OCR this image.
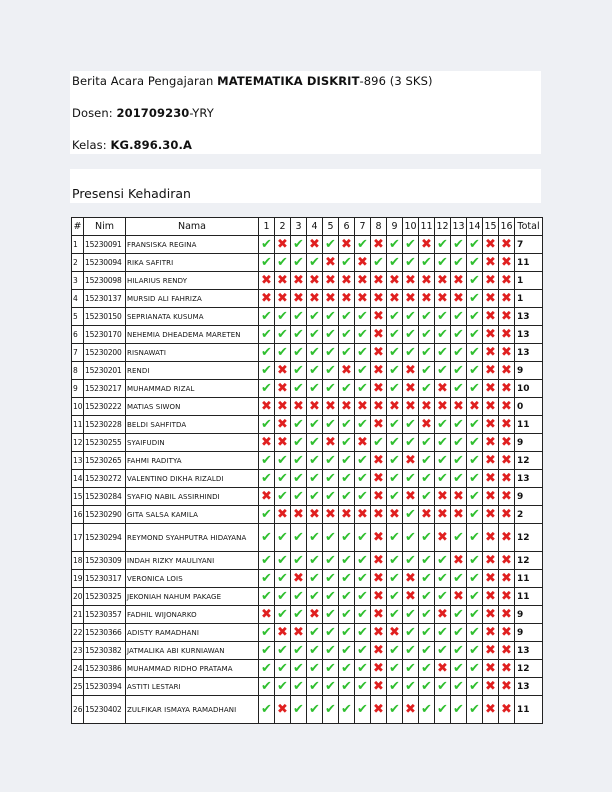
Berita Acara Pengajaran MATEMATIKA DISKRIT-896 (3 SKS)
Dosen: 201709230-YRY
Kelas: KG.896.30.A
Presensi Kehadiran
#	Nim	Nama	1	2	3	4	5	6	7	8	9	10	11	12	13	14	15	16	Total
1	15230091	FRANSISKA REGINA	✔	✖	✔	✖	✔	✖	✔	✖	✔	✔	✖	✔	✔	✔	✖	✖	7
2	15230094	RIKA SAFITRI	✔	✔	✔	✔	✖	✔	✖	✔	✔	✔	✔	✔	✔	✔	✖	✖	11
3	15230098	HILARIUS RENDY	✖	✖	✖	✖	✖	✖	✖	✖	✖	✖	✖	✖	✖	✔	✖	✖	1
4	15230137	MURSID ALI FAHRIZA	✖	✖	✖	✖	✖	✖	✖	✖	✖	✖	✖	✖	✖	✔	✖	✖	1
5	15230150	SEPRIANATA KUSUMA	✔	✔	✔	✔	✔	✔	✔	✖	✔	✔	✔	✔	✔	✔	✖	✖	13
6	15230170	NEHEMIA DHEADEMA MARETEN	✔	✔	✔	✔	✔	✔	✔	✖	✔	✔	✔	✔	✔	✔	✖	✖	13
7	15230200	RISNAWATI	✔	✔	✔	✔	✔	✔	✔	✖	✔	✔	✔	✔	✔	✔	✖	✖	13
8	15230201	RENDI	✔	✖	✔	✔	✔	✖	✔	✖	✔	✖	✔	✔	✔	✔	✖	✖	9
9	15230217	MUHAMMAD RIZAL	✔	✖	✔	✔	✔	✔	✔	✖	✔	✖	✔	✖	✔	✔	✖	✖	10
10	15230222	MATIAS SIWON	✖	✖	✖	✖	✖	✖	✖	✖	✖	✖	✖	✖	✖	✖	✖	✖	0
11	15230228	BELDI SAHFITDA	✔	✖	✔	✔	✔	✔	✔	✖	✔	✔	✖	✔	✔	✔	✖	✖	11
12	15230255	SYAIFUDIN	✖	✖	✔	✔	✖	✔	✖	✔	✔	✔	✔	✔	✔	✔	✖	✖	9
13	15230265	FAHMI RADITYA	✔	✔	✔	✔	✔	✔	✔	✖	✔	✖	✔	✔	✔	✔	✖	✖	12
14	15230272	VALENTINO DIKHA RIZALDI	✔	✔	✔	✔	✔	✔	✔	✖	✔	✔	✔	✔	✔	✔	✖	✖	13
15	15230284	SYAFIQ NABIL ASSIRHINDI	✖	✔	✔	✔	✔	✔	✔	✖	✔	✖	✔	✖	✖	✔	✖	✖	9
16	15230290	GITA SALSA KAMILA	✔	✖	✖	✖	✖	✖	✖	✖	✖	✔	✖	✖	✖	✔	✖	✖	2
17	15230294	REYMOND SYAHPUTRA HIDAYANA	✔	✔	✔	✔	✔	✔	✔	✖	✔	✔	✔	✖	✔	✔	✖	✖	12
18	15230309	INDAH RIZKY MAULIYANI	✔	✔	✔	✔	✔	✔	✔	✖	✔	✔	✔	✔	✖	✔	✖	✖	12
19	15230317	VERONICA LOIS	✔	✔	✖	✔	✔	✔	✔	✖	✔	✖	✔	✔	✔	✔	✖	✖	11
20	15230325	JEKONIAH NAHUM PAKAGE	✔	✔	✔	✔	✔	✔	✔	✖	✔	✖	✔	✔	✖	✔	✖	✖	11
21	15230357	FADHIL WIJONARKO	✖	✔	✔	✖	✔	✔	✔	✖	✔	✔	✔	✖	✔	✔	✖	✖	9
22	15230366	ADISTY RAMADHANI	✔	✖	✖	✔	✔	✔	✔	✖	✖	✔	✔	✔	✔	✔	✖	✖	9
23	15230382	JATMALIKA ABI KURNIAWAN	✔	✔	✔	✔	✔	✔	✔	✖	✔	✔	✔	✔	✔	✔	✖	✖	13
24	15230386	MUHAMMAD RIDHO PRATAMA	✔	✔	✔	✔	✔	✔	✔	✖	✔	✔	✔	✖	✔	✔	✖	✖	12
25	15230394	ASTITI LESTARI	✔	✔	✔	✔	✔	✔	✔	✖	✔	✔	✔	✔	✔	✔	✖	✖	13
26	15230402	ZULFIKAR ISMAYA RAMADHANI	✔	✖	✔	✔	✔	✔	✔	✖	✔	✖	✔	✔	✔	✔	✖	✖	11
